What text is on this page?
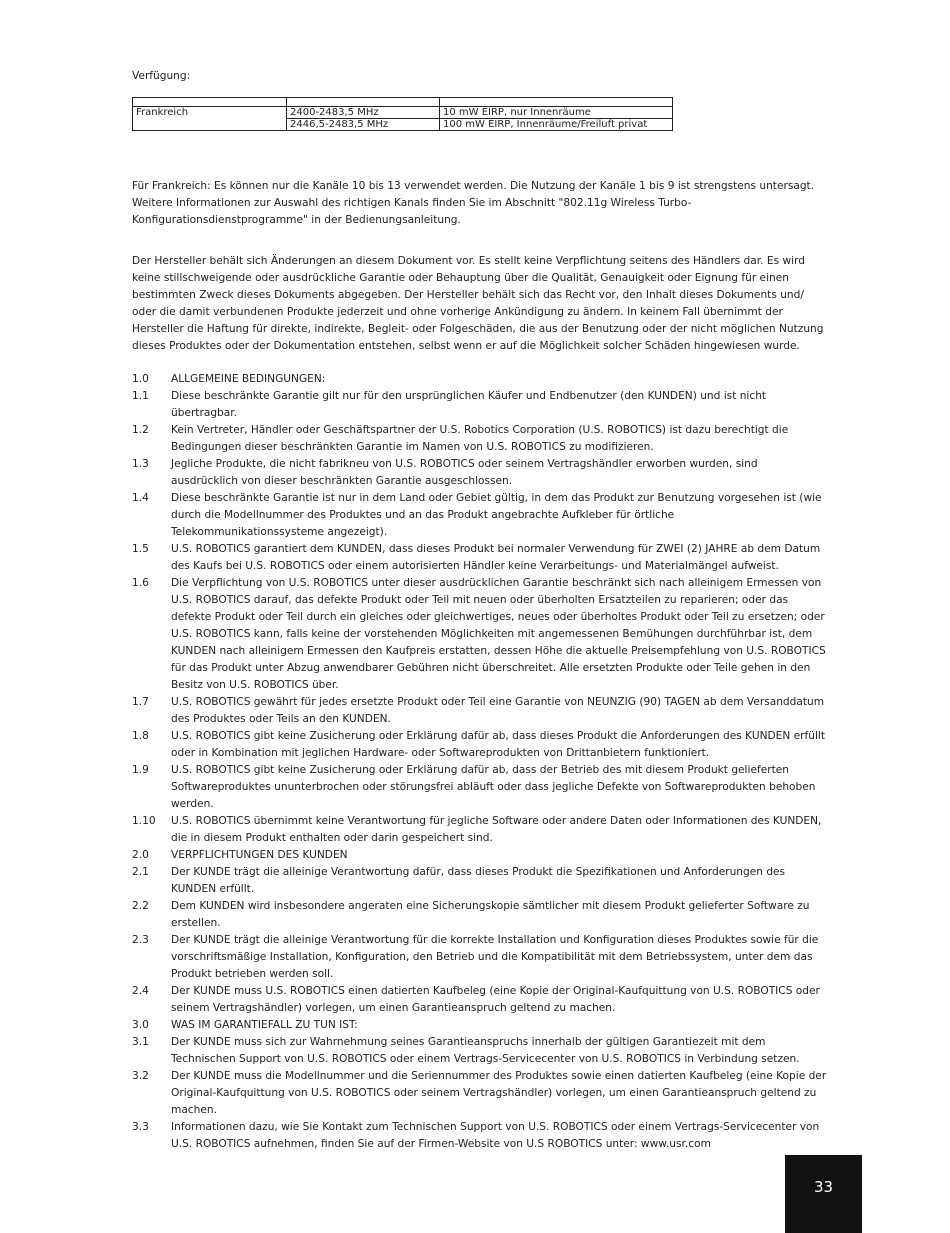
Verfügung:

Frankreich	2400-2483,5 MHz	10 mW EIRP, nur Innenräume
	2446,5-2483,5 MHz	100 mW EIRP, Innenräume/Freiluft privat

Für Frankreich: Es können nur die Kanäle 10 bis 13 verwendet werden. Die Nutzung der Kanäle 1 bis 9 ist strengstens untersagt. Weitere Informationen zur Auswahl des richtigen Kanals finden Sie im Abschnitt "802.11g Wireless Turbo-Konfigurationsdienstprogramme" in der Bedienungsanleitung.

Der Hersteller behält sich Änderungen an diesem Dokument vor. Es stellt keine Verpflichtung seitens des Händlers dar. Es wird keine stillschweigende oder ausdrückliche Garantie oder Behauptung über die Qualität, Genauigkeit oder Eignung für einen bestimmten Zweck dieses Dokuments abgegeben. Der Hersteller behält sich das Recht vor, den Inhalt dieses Dokuments und/ oder die damit verbundenen Produkte jederzeit und ohne vorherige Ankündigung zu ändern. In keinem Fall übernimmt der Hersteller die Haftung für direkte, indirekte, Begleit- oder Folgeschäden, die aus der Benutzung oder der nicht möglichen Nutzung dieses Produktes oder der Dokumentation entstehen, selbst wenn er auf die Möglichkeit solcher Schäden hingewiesen wurde.

1.0	ALLGEMEINE BEDINGUNGEN:
1.1	Diese beschränkte Garantie gilt nur für den ursprünglichen Käufer und Endbenutzer (den KUNDEN) und ist nicht übertragbar.
1.2	Kein Vertreter, Händler oder Geschäftspartner der U.S. Robotics Corporation (U.S. ROBOTICS) ist dazu berechtigt die Bedingungen dieser beschränkten Garantie im Namen von U.S. ROBOTICS zu modifizieren.
1.3	Jegliche Produkte, die nicht fabrikneu von U.S. ROBOTICS oder seinem Vertragshändler erworben wurden, sind ausdrücklich von dieser beschränkten Garantie ausgeschlossen.
1.4	Diese beschränkte Garantie ist nur in dem Land oder Gebiet gültig, in dem das Produkt zur Benutzung vorgesehen ist (wie durch die Modellnummer des Produktes und an das Produkt angebrachte Aufkleber für örtliche Telekommunikationssysteme angezeigt).
1.5	U.S. ROBOTICS garantiert dem KUNDEN, dass dieses Produkt bei normaler Verwendung für ZWEI (2) JAHRE ab dem Datum des Kaufs bei U.S. ROBOTICS oder einem autorisierten Händler keine Verarbeitungs- und Materialmängel aufweist.
1.6	Die Verpflichtung von U.S. ROBOTICS unter dieser ausdrücklichen Garantie beschränkt sich nach alleinigem Ermessen von U.S. ROBOTICS darauf, das defekte Produkt oder Teil mit neuen oder überholten Ersatzteilen zu reparieren; oder das defekte Produkt oder Teil durch ein gleiches oder gleichwertiges, neues oder überholtes Produkt oder Teil zu ersetzen; oder U.S. ROBOTICS kann, falls keine der vorstehenden Möglichkeiten mit angemessenen Bemühungen durchführbar ist, dem KUNDEN nach alleinigem Ermessen den Kaufpreis erstatten, dessen Höhe die aktuelle Preisempfehlung von U.S. ROBOTICS für das Produkt unter Abzug anwendbarer Gebühren nicht überschreitet. Alle ersetzten Produkte oder Teile gehen in den Besitz von U.S. ROBOTICS über.
1.7	U.S. ROBOTICS gewährt für jedes ersetzte Produkt oder Teil eine Garantie von NEUNZIG (90) TAGEN ab dem Versanddatum des Produktes oder Teils an den KUNDEN.
1.8	U.S. ROBOTICS gibt keine Zusicherung oder Erklärung dafür ab, dass dieses Produkt die Anforderungen des KUNDEN erfüllt oder in Kombination mit jeglichen Hardware- oder Softwareprodukten von Drittanbietern funktioniert.
1.9	U.S. ROBOTICS gibt keine Zusicherung oder Erklärung dafür ab, dass der Betrieb des mit diesem Produkt gelieferten Softwareproduktes ununterbrochen oder störungsfrei abläuft oder dass jegliche Defekte von Softwareprodukten behoben werden.
1.10	U.S. ROBOTICS übernimmt keine Verantwortung für jegliche Software oder andere Daten oder Informationen des KUNDEN, die in diesem Produkt enthalten oder darin gespeichert sind.
2.0	VERPFLICHTUNGEN DES KUNDEN
2.1	Der KUNDE trägt die alleinige Verantwortung dafür, dass dieses Produkt die Spezifikationen und Anforderungen des KUNDEN erfüllt.
2.2	Dem KUNDEN wird insbesondere angeraten eine Sicherungskopie sämtlicher mit diesem Produkt gelieferter Software zu erstellen.
2.3	Der KUNDE trägt die alleinige Verantwortung für die korrekte Installation und Konfiguration dieses Produktes sowie für die vorschriftsmäßige Installation, Konfiguration, den Betrieb und die Kompatibilität mit dem Betriebssystem, unter dem das Produkt betrieben werden soll.
2.4	Der KUNDE muss U.S. ROBOTICS einen datierten Kaufbeleg (eine Kopie der Original-Kaufquittung von U.S. ROBOTICS oder seinem Vertragshändler) vorlegen, um einen Garantieanspruch geltend zu machen.
3.0	WAS IM GARANTIEFALL ZU TUN IST:
3.1	Der KUNDE muss sich zur Wahrnehmung seines Garantieanspruchs innerhalb der gültigen Garantiezeit mit dem Technischen Support von U.S. ROBOTICS oder einem Vertrags-Servicecenter von U.S. ROBOTICS in Verbindung setzen.
3.2	Der KUNDE muss die Modellnummer und die Seriennummer des Produktes sowie einen datierten Kaufbeleg (eine Kopie der Original-Kaufquittung von U.S. ROBOTICS oder seinem Vertragshändler) vorlegen, um einen Garantieanspruch geltend zu machen.
3.3	Informationen dazu, wie Sie Kontakt zum Technischen Support von U.S. ROBOTICS oder einem Vertrags-Servicecenter von U.S. ROBOTICS aufnehmen, finden Sie auf der Firmen-Website von U.S ROBOTICS unter: www.usr.com
33
